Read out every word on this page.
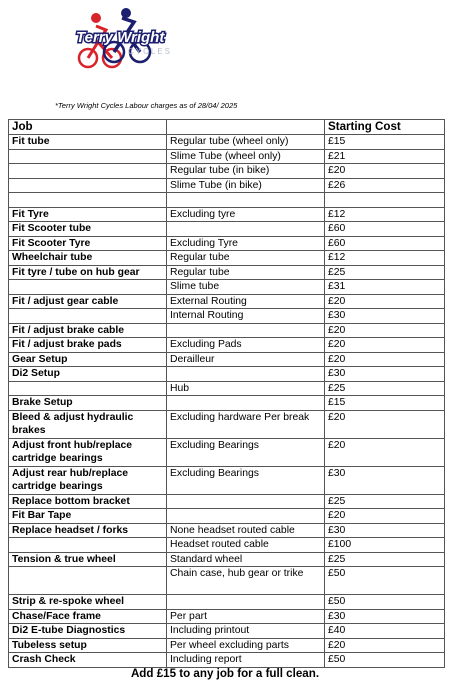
Terry Wright
CYCLES
*Terry Wright Cycles Labour charges as of 28/04/ 2025
Job		Starting Cost
Fit tube	Regular tube (wheel only)	£15
	Slime Tube (wheel only)	£21
	Regular tube (in bike)	£20
	Slime Tube (in bike)	£26

Fit Tyre	Excluding tyre	£12
Fit Scooter tube		£60
Fit Scooter Tyre	Excluding Tyre	£60
Wheelchair tube	Regular tube	£12
Fit tyre / tube on hub gear	Regular tube	£25
	Slime tube	£31
Fit / adjust gear cable	External Routing	£20
	Internal Routing	£30
Fit / adjust brake cable		£20
Fit / adjust brake pads	Excluding Pads	£20
Gear Setup	Derailleur	£20
Di2 Setup		£30
	Hub	£25
Brake Setup		£15
Bleed & adjust hydraulic brakes	Excluding hardware Per break	£20
Adjust front hub/replace cartridge bearings	Excluding Bearings	£20
Adjust rear hub/replace cartridge bearings	Excluding Bearings	£30
Replace bottom bracket		£25
Fit Bar Tape		£20
Replace headset / forks	None headset routed cable	£30
	Headset routed cable	£100
Tension & true wheel	Standard wheel	£25
	Chain case, hub gear or trike	£50
Strip & re-spoke wheel		£50
Chase/Face frame	Per part	£30
Di2 E-tube Diagnostics	Including printout	£40
Tubeless setup	Per wheel excluding parts	£20
Crash Check	Including report	£50
Add £15 to any job for a full clean.
